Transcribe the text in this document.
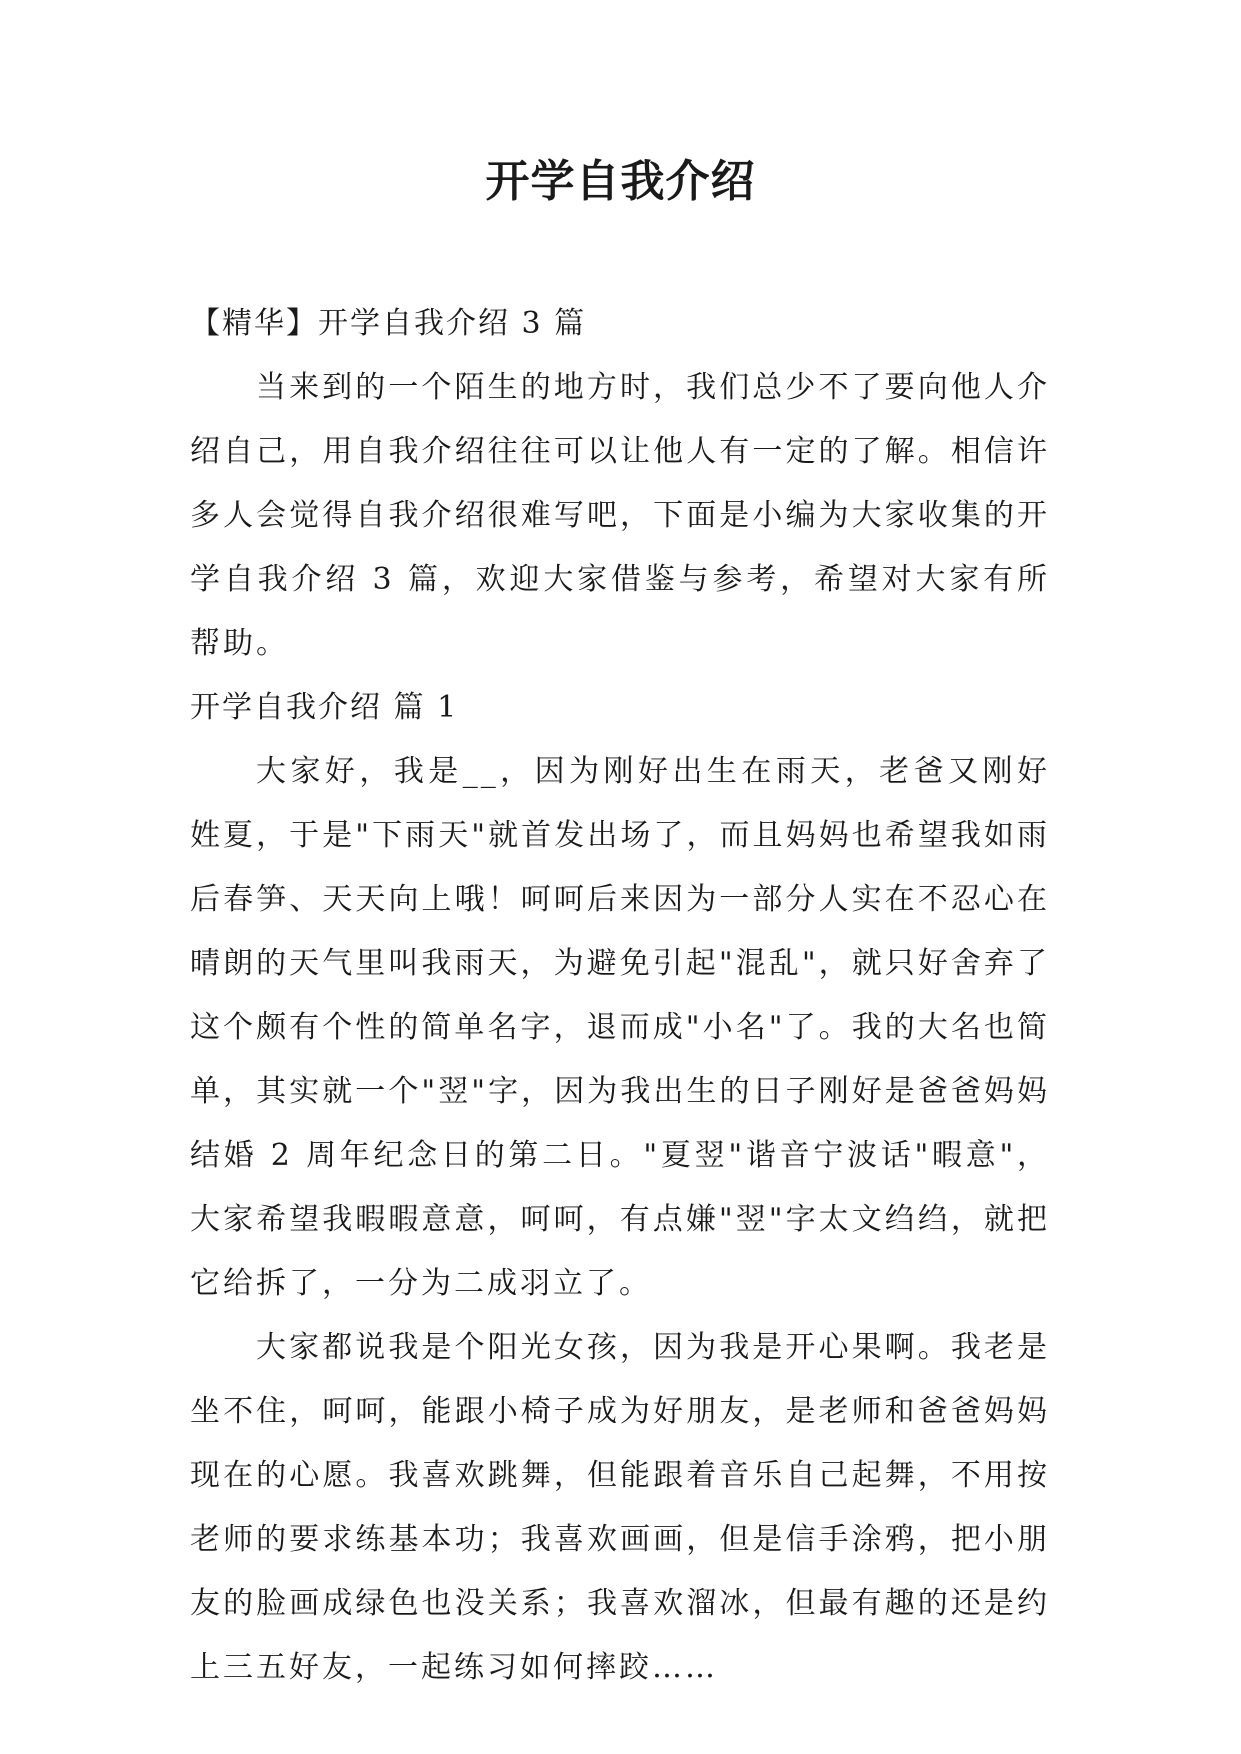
开学自我介绍

【精华】开学自我介绍 3 篇

当来到的一个陌生的地方时，我们总少不了要向他人介绍自己，用自我介绍往往可以让他人有一定的了解。相信许多人会觉得自我介绍很难写吧，下面是小编为大家收集的开学自我介绍 3 篇，欢迎大家借鉴与参考，希望对大家有所帮助。

开学自我介绍 篇 1

大家好，我是__，因为刚好出生在雨天，老爸又刚好姓夏，于是"下雨天"就首发出场了，而且妈妈也希望我如雨后春笋、天天向上哦！呵呵后来因为一部分人实在不忍心在晴朗的天气里叫我雨天，为避免引起"混乱"，就只好舍弃了这个颇有个性的简单名字，退而成"小名"了。我的大名也简单，其实就一个"翌"字，因为我出生的日子刚好是爸爸妈妈结婚 2 周年纪念日的第二日。"夏翌"谐音宁波话"暇意"，大家希望我暇暇意意，呵呵，有点嫌"翌"字太文绉绉，就把它给拆了，一分为二成羽立了。

大家都说我是个阳光女孩，因为我是开心果啊。我老是坐不住，呵呵，能跟小椅子成为好朋友，是老师和爸爸妈妈现在的心愿。我喜欢跳舞，但能跟着音乐自己起舞，不用按老师的要求练基本功；我喜欢画画，但是信手涂鸦，把小朋友的脸画成绿色也没关系；我喜欢溜冰，但最有趣的还是约上三五好友，一起练习如何摔跤……
